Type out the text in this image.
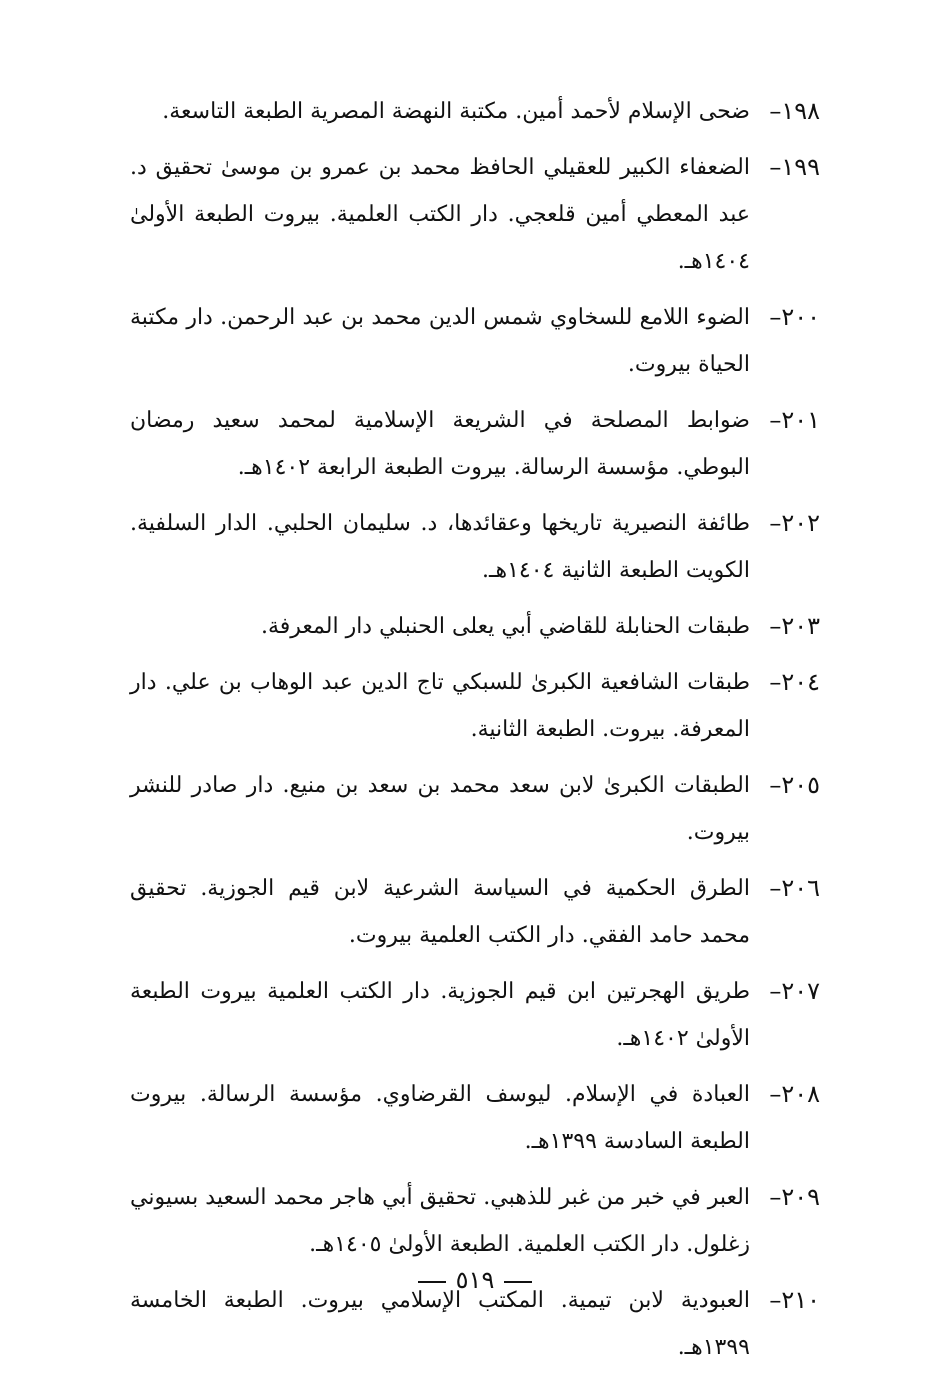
١٩٨–
ضحى الإسلام لأحمد أمين. مكتبة النهضة المصرية الطبعة التاسعة.
١٩٩–
الضعفاء الكبير للعقيلي الحافظ محمد بن عمرو بن موسىٰ تحقيق د. عبد المعطي أمين قلعجي. دار الكتب العلمية. بيروت الطبعة الأولىٰ ١٤٠٤هـ.
٢٠٠–
الضوء اللامع للسخاوي شمس الدين محمد بن عبد الرحمن. دار مكتبة الحياة بيروت.
٢٠١–
ضوابط المصلحة في الشريعة الإسلامية لمحمد سعيد رمضان البوطي. مؤسسة الرسالة. بيروت الطبعة الرابعة ١٤٠٢هـ.
٢٠٢–
طائفة النصيرية تاريخها وعقائدها، د. سليمان الحلبي. الدار السلفية. الكويت الطبعة الثانية ١٤٠٤هـ.
٢٠٣–
طبقات الحنابلة للقاضي أبي يعلى الحنبلي دار المعرفة.
٢٠٤–
طبقات الشافعية الكبرىٰ للسبكي تاج الدين عبد الوهاب بن علي. دار المعرفة. بيروت. الطبعة الثانية.
٢٠٥–
الطبقات الكبرىٰ لابن سعد محمد بن سعد بن منيع. دار صادر للنشر بيروت.
٢٠٦–
الطرق الحكمية في السياسة الشرعية لابن قيم الجوزية. تحقيق محمد حامد الفقي. دار الكتب العلمية بيروت.
٢٠٧–
طريق الهجرتين ابن قيم الجوزية. دار الكتب العلمية بيروت الطبعة الأولىٰ ١٤٠٢هـ.
٢٠٨–
العبادة في الإسلام. ليوسف القرضاوي. مؤسسة الرسالة. بيروت الطبعة السادسة ١٣٩٩هـ.
٢٠٩–
العبر في خبر من غبر للذهبي. تحقيق أبي هاجر محمد السعيد بسيوني زغلول. دار الكتب العلمية. الطبعة الأولىٰ ١٤٠٥هـ.
٢١٠–
العبودية لابن تيمية. المكتب الإسلامي بيروت. الطبعة الخامسة ١٣٩٩هـ.
٥١٩
